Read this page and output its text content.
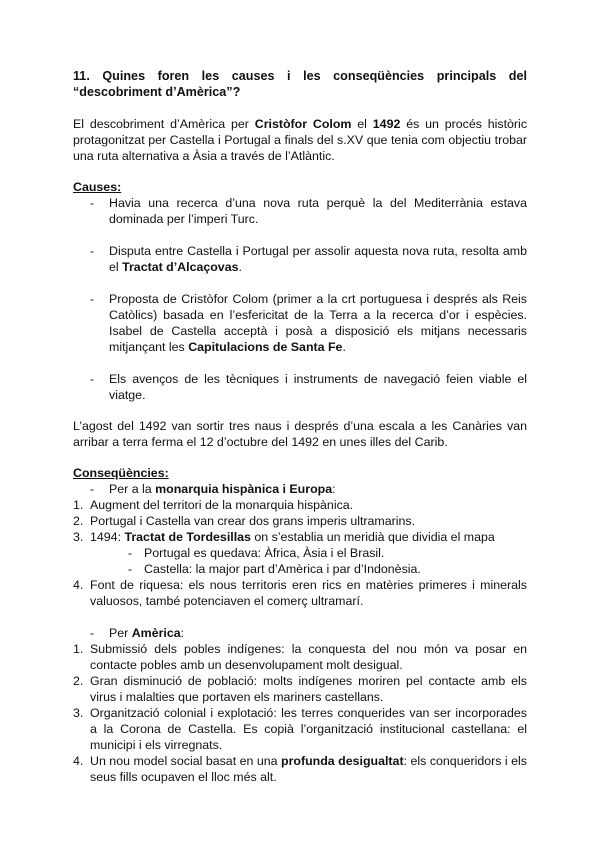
11. Quines foren les causes i les conseqüències principals del “descobriment d’Amèrica”?

El descobriment d’Amèrica per Cristòfor Colom el 1492 és un procés històric protagonitzat per Castella i Portugal a finals del s.XV que tenia com objectiu trobar una ruta alternativa a Àsia a través de l’Atlàntic.

Causes:

- Havia una recerca d’una nova ruta perquè la del Mediterrània estava dominada per l’imperi Turc.
- Disputa entre Castella i Portugal per assolir aquesta nova ruta, resolta amb el Tractat d’Alcaçovas.
- Proposta de Cristòfor Colom (primer a la crt portuguesa i després als Reis Catòlics) basada en l’esfericitat de la Terra a la recerca d’or i espècies. Isabel de Castella acceptà i posà a disposició els mitjans necessaris mitjançant les Capitulacions de Santa Fe.
- Els avenços de les tècniques i instruments de navegació feien viable el viatge.

L’agost del 1492 van sortir tres naus i després d’una escala a les Canàries van arribar a terra ferma el 12 d’octubre del 1492 en unes illes del Carib.

Conseqüències:

- Per a la monarquia hispànica i Europa:
1. Augment del territori de la monarquia hispànica.
2. Portugal i Castella van crear dos grans imperis ultramarins.
3. 1494: Tractat de Tordesillas on s’establia un meridià que dividia el mapa
- Portugal es quedava: Àfrica, Àsia i el Brasil.
- Castella: la major part d’Amèrica i par d’Indonèsia.
4. Font de riquesa: els nous territoris eren rics en matèries primeres i minerals valuosos, també potenciaven el comerç ultramarí.
- Per Amèrica:
1. Submissió dels pobles indígenes: la conquesta del nou món va posar en contacte pobles amb un desenvolupament molt desigual.
2. Gran disminució de població: molts indígenes moriren pel contacte amb els virus i malalties que portaven els mariners castellans.
3. Organització colonial i explotació: les terres conquerides van ser incorporades a la Corona de Castella. Es copià l’organització institucional castellana: el municipi i els virregnats.
4. Un nou model social basat en una profunda desigualtat: els conqueridors i els seus fills ocupaven el lloc més alt.
